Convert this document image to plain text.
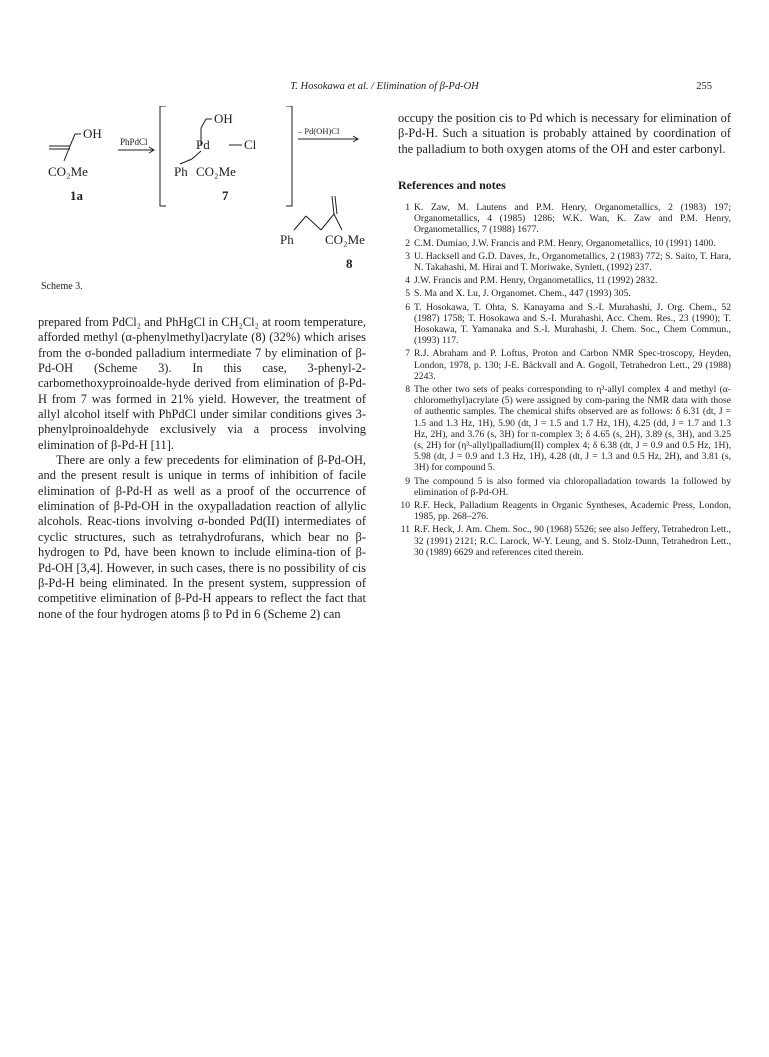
T. Hosokawa et al. / Elimination of β-Pd-OH	255
OH
CO₂Me
1a
PhPdCl
OH
Pd	Cl
Ph CO₂Me
7
– Pd(OH)Cl
Ph CO₂Me
8
Scheme 3.

prepared from PdCl₂ and PhHgCl in CH₂Cl₂ at room temperature, afforded methyl (α-phenylmethyl)acrylate (8) (32%) which arises from the σ-bonded palladium intermediate 7 by elimination of β-Pd-OH (Scheme 3). In this case, 3-phenyl-2-carbomethoxyproinoalde-hyde derived from elimination of β-Pd-H from 7 was formed in 21% yield. However, the treatment of allyl alcohol itself with PhPdCl under similar conditions gives 3-phenylproinoaldehyde exclusively via a process involving elimination of β-Pd-H [11].

There are only a few precedents for elimination of β-Pd-OH, and the present result is unique in terms of inhibition of facile elimination of β-Pd-H as well as a proof of the occurrence of elimination of β-Pd-OH in the oxypalladation reaction of allylic alcohols. Reac-tions involving σ-bonded Pd(II) intermediates of cyclic structures, such as tetrahydrofurans, which bear no β-hydrogen to Pd, have been known to include elimina-tion of β-Pd-OH [3,4]. However, in such cases, there is no possibility of cis β-Pd-H being eliminated. In the present system, suppression of competitive elimination of β-Pd-H appears to reflect the fact that none of the four hydrogen atoms β to Pd in 6 (Scheme 2) can

occupy the position cis to Pd which is necessary for elimination of β-Pd-H. Such a situation is probably attained by coordination of the palladium to both oxygen atoms of the OH and ester carbonyl.

References and notes
1 K. Zaw, M. Lautens and P.M. Henry, Organometallics, 2 (1983) 197; Organometallics, 4 (1985) 1286; W.K. Wan, K. Zaw and P.M. Henry, Organometallics, 7 (1988) 1677.
2 C.M. Dumiao, J.W. Francis and P.M. Henry, Organometallics, 10 (1991) 1400.
3 U. Hacksell and G.D. Daves, Jr., Organometallics, 2 (1983) 772; S. Saito, T. Hara, N. Takahashi, M. Hirai and T. Moriwake, Synlett, (1992) 237.
4 J.W. Francis and P.M. Henry, Organometallics, 11 (1992) 2832.
5 S. Ma and X. Lu, J. Organomet. Chem., 447 (1993) 305.
6 T. Hosokawa, T. Ohta, S. Kanayama and S.-I. Murahashi, J. Org. Chem., 52 (1987) 1758; T. Hosokawa and S.-I. Murahashi, Acc. Chem. Res., 23 (1990); T. Hosokawa, T. Yamanaka and S.-I. Murahashi, J. Chem. Soc., Chem Commun., (1993) 117.
7 R.J. Abraham and P. Loftus, Proton and Carbon NMR Spec-troscopy, Heyden, London, 1978, p. 130; J-E. Bäckvall and A. Gogoll, Tetrahedron Lett., 29 (1988) 2243.
8 The other two sets of peaks corresponding to η³-allyl complex 4 and methyl (α-chloromethyl)acrylate (5) were assigned by com-paring the NMR data with those of authentic samples. The chemical shifts observed are as follows: δ 6.31 (dt, J = 1.5 and 1.3 Hz, 1H), 5.90 (dt, J = 1.5 and 1.7 Hz, 1H), 4.25 (dd, J = 1.7 and 1.3 Hz, 2H), and 3.76 (s, 3H) for π-complex 3; δ 4.65 (s, 2H), 3.89 (s, 3H), and 3.25 (s, 2H) for (η³-allyl)palladium(II) complex 4; δ 6.38 (dt, J = 0.9 and 0.5 Hz, 1H), 5.98 (dt, J = 0.9 and 1.3 Hz, 1H), 4.28 (dt, J = 1.3 and 0.5 Hz, 2H), and 3.81 (s, 3H) for compound 5.
9 The compound 5 is also formed via chloropalladation towards 1a followed by elimination of β-Pd-OH.
10 R.F. Heck, Palladium Reagents in Organic Syntheses, Academic Press, London, 1985, pp. 268–276.
11 R.F. Heck, J. Am. Chem. Soc., 90 (1968) 5526; see also Jeffery, Tetrahedron Lett., 32 (1991) 2121; R.C. Larock, W-Y. Leung, and S. Stolz-Dunn, Tetrahedron Lett., 30 (1989) 6629 and references cited therein.
